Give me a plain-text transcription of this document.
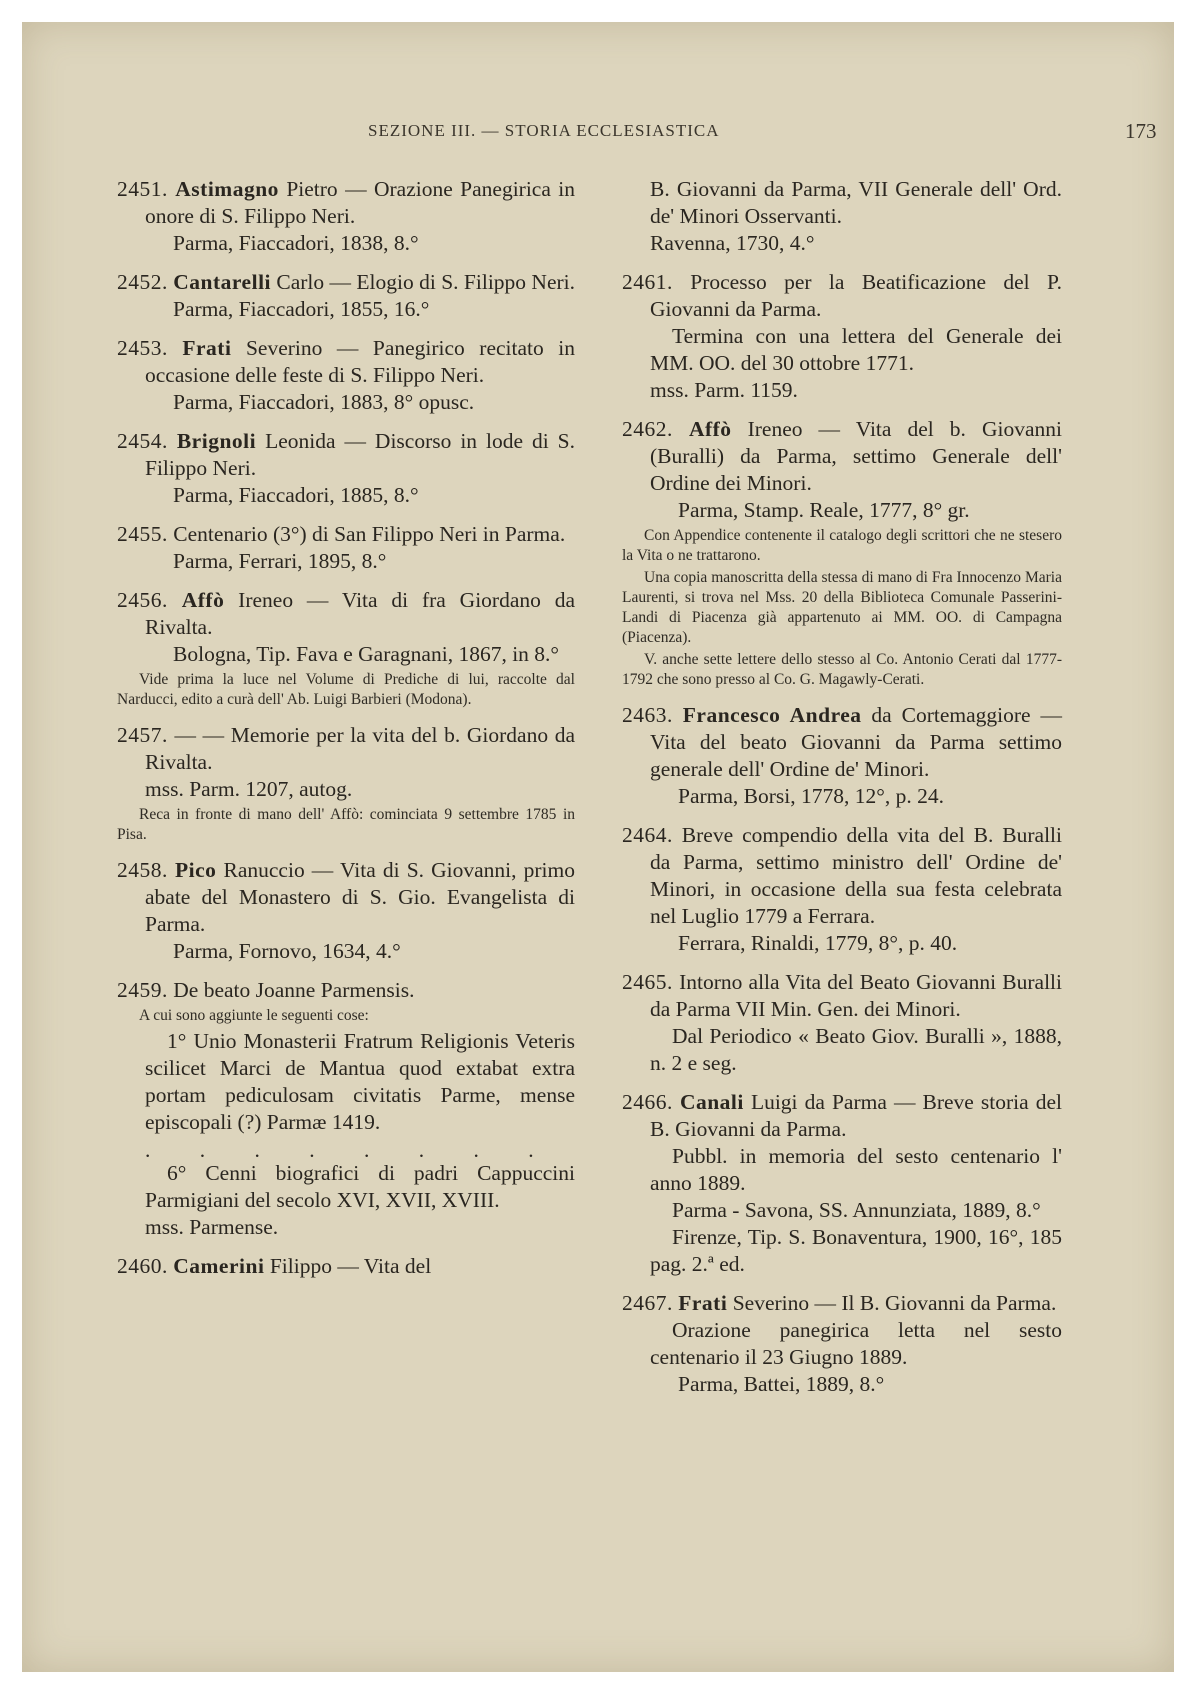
SEZIONE III. — STORIA ECCLESIASTICA	173

2451. Astimagno Pietro — Orazione Panegirica in onore di S. Filippo Neri.

Parma, Fiaccadori, 1838, 8.°

2452. Cantarelli Carlo — Elogio di S. Filippo Neri.

Parma, Fiaccadori, 1855, 16.°

2453. Frati Severino — Panegirico recitato in occasione delle feste di S. Filippo Neri.

Parma, Fiaccadori, 1883, 8° opusc.

2454. Brignoli Leonida — Discorso in lode di S. Filippo Neri.

Parma, Fiaccadori, 1885, 8.°

2455. Centenario (3°) di San Filippo Neri in Parma.

Parma, Ferrari, 1895, 8.°

2456. Affò Ireneo — Vita di fra Giordano da Rivalta.

Bologna, Tip. Fava e Garagnani, 1867, in 8.°

Vide prima la luce nel Volume di Prediche di lui, raccolte dal Narducci, edito a curà dell' Ab. Luigi Barbieri (Modona).

2457. — — Memorie per la vita del b. Giordano da Rivalta.

mss. Parm. 1207, autog.

Reca in fronte di mano dell' Affò: cominciata 9 settembre 1785 in Pisa.

2458. Pico Ranuccio — Vita di S. Giovanni, primo abate del Monastero di S. Gio. Evangelista di Parma.

Parma, Fornovo, 1634, 4.°

2459. De beato Joanne Parmensis.

A cui sono aggiunte le seguenti cose:

1° Unio Monasterii Fratrum Religionis Veteris scilicet Marci de Mantua quod extabat extra portam pediculosam civitatis Parme, mense episcopali (?) Parmæ 1419.

. . . . . . . .

6° Cenni biografici di padri Cappuccini Parmigiani del secolo XVI, XVII, XVIII.

mss. Parmense.

2460. Camerini Filippo — Vita del

B. Giovanni da Parma, VII Generale dell' Ord. de' Minori Osservanti.

Ravenna, 1730, 4.°

2461. Processo per la Beatificazione del P. Giovanni da Parma.

Termina con una lettera del Generale dei MM. OO. del 30 ottobre 1771.

mss. Parm. 1159.

2462. Affò Ireneo — Vita del b. Giovanni (Buralli) da Parma, settimo Generale dell' Ordine dei Minori.

Parma, Stamp. Reale, 1777, 8° gr.

Con Appendice contenente il catalogo degli scrittori che ne stesero la Vita o ne trattarono.

Una copia manoscritta della stessa di mano di Fra Innocenzo Maria Laurenti, si trova nel Mss. 20 della Biblioteca Comunale Passerini-Landi di Piacenza già appartenuto ai MM. OO. di Campagna (Piacenza).

V. anche sette lettere dello stesso al Co. Antonio Cerati dal 1777-1792 che sono presso al Co. G. Magawly-Cerati.

2463. Francesco Andrea da Cortemaggiore — Vita del beato Giovanni da Parma settimo generale dell' Ordine de' Minori.

Parma, Borsi, 1778, 12°, p. 24.

2464. Breve compendio della vita del B. Buralli da Parma, settimo ministro dell' Ordine de' Minori, in occasione della sua festa celebrata nel Luglio 1779 a Ferrara.

Ferrara, Rinaldi, 1779, 8°, p. 40.

2465. Intorno alla Vita del Beato Giovanni Buralli da Parma VII Min. Gen. dei Minori.

Dal Periodico « Beato Giov. Buralli », 1888, n. 2 e seg.

2466. Canali Luigi da Parma — Breve storia del B. Giovanni da Parma.

Pubbl. in memoria del sesto centenario l' anno 1889.

Parma - Savona, SS. Annunziata, 1889, 8.°

Firenze, Tip. S. Bonaventura, 1900, 16°, 185 pag. 2.ª ed.

2467. Frati Severino — Il B. Giovanni da Parma.

Orazione panegirica letta nel sesto centenario il 23 Giugno 1889.

Parma, Battei, 1889, 8.°
